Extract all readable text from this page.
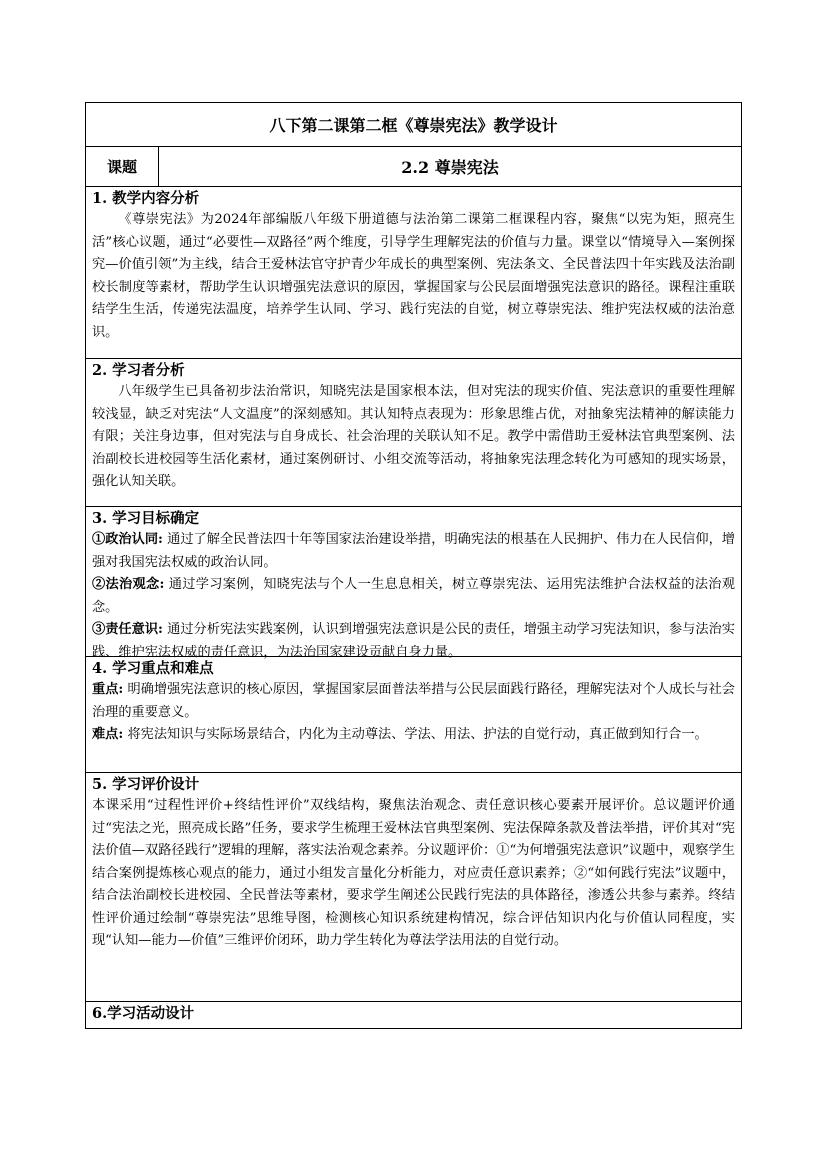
八下第二课第二框《尊崇宪法》教学设计
课题	2.2 尊崇宪法
1. 教学内容分析
《尊崇宪法》为2024年部编版八年级下册道德与法治第二课第二框课程内容，聚焦“以宪为矩，照亮生活”核心议题，通过“必要性—双路径”两个维度，引导学生理解宪法的价值与力量。课堂以“情境导入—案例探究—价值引领”为主线，结合王爱林法官守护青少年成长的典型案例、宪法条文、全民普法四十年实践及法治副校长制度等素材，帮助学生认识增强宪法意识的原因，掌握国家与公民层面增强宪法意识的路径。课程注重联结学生生活，传递宪法温度，培养学生认同、学习、践行宪法的自觉，树立尊崇宪法、维护宪法权威的法治意识。
2. 学习者分析
八年级学生已具备初步法治常识，知晓宪法是国家根本法，但对宪法的现实价值、宪法意识的重要性理解较浅显，缺乏对宪法“人文温度”的深刻感知。其认知特点表现为：形象思维占优，对抽象宪法精神的解读能力有限；关注身边事，但对宪法与自身成长、社会治理的关联认知不足。教学中需借助王爱林法官典型案例、法治副校长进校园等生活化素材，通过案例研讨、小组交流等活动，将抽象宪法理念转化为可感知的现实场景，强化认知关联。
3. 学习目标确定
①政治认同: 通过了解全民普法四十年等国家法治建设举措，明确宪法的根基在人民拥护、伟力在人民信仰，增强对我国宪法权威的政治认同。
②法治观念: 通过学习案例，知晓宪法与个人一生息息相关，树立尊崇宪法、运用宪法维护合法权益的法治观念。
③责任意识: 通过分析宪法实践案例，认识到增强宪法意识是公民的责任，增强主动学习宪法知识，参与法治实践、维护宪法权威的责任意识，为法治国家建设贡献自身力量。
4. 学习重点和难点
重点: 明确增强宪法意识的核心原因，掌握国家层面普法举措与公民层面践行路径，理解宪法对个人成长与社会治理的重要意义。
难点: 将宪法知识与实际场景结合，内化为主动尊法、学法、用法、护法的自觉行动，真正做到知行合一。
5. 学习评价设计
本课采用“过程性评价+终结性评价”双线结构，聚焦法治观念、责任意识核心要素开展评价。总议题评价通过“宪法之光，照亮成长路”任务，要求学生梳理王爱林法官典型案例、宪法保障条款及普法举措，评价其对“宪法价值—双路径践行”逻辑的理解，落实法治观念素养。分议题评价：①“为何增强宪法意识”议题中，观察学生结合案例提炼核心观点的能力，通过小组发言量化分析能力，对应责任意识素养；②“如何践行宪法”议题中，结合法治副校长进校园、全民普法等素材，要求学生阐述公民践行宪法的具体路径，渗透公共参与素养。终结性评价通过绘制“尊崇宪法”思维导图，检测核心知识系统建构情况，综合评估知识内化与价值认同程度，实现“认知—能力—价值”三维评价闭环，助力学生转化为尊法学法用法的自觉行动。
6.学习活动设计
